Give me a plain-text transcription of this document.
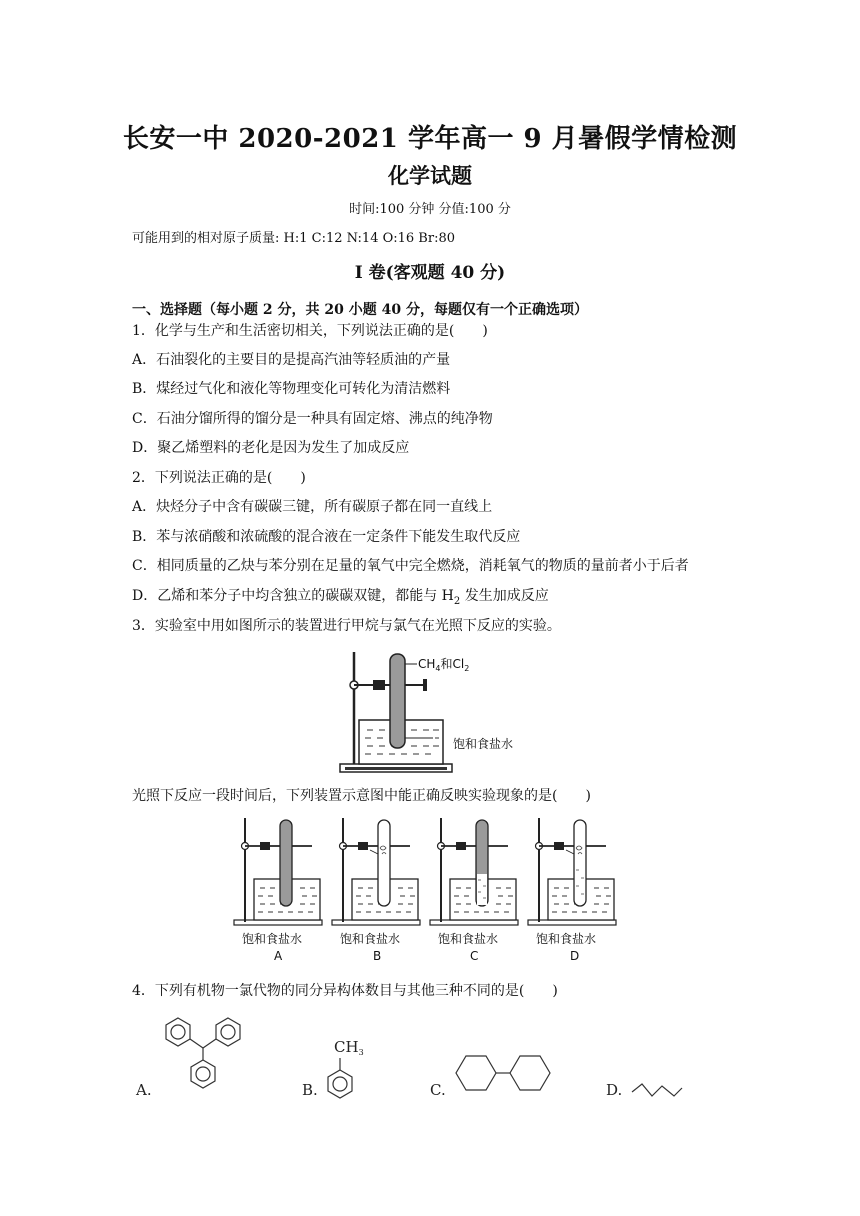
长安一中 2020-2021 学年高一 9 月暑假学情检测
化学试题
时间:100 分钟 分值:100 分
可能用到的相对原子质量: H:1 C:12 N:14 O:16 Br:80
I 卷(客观题 40 分)
一、选择题（每小题 2 分，共 20 小题 40 分，每题仅有一个正确选项）
1．化学与生产和生活密切相关，下列说法正确的是(　　)
A．石油裂化的主要目的是提高汽油等轻质油的产量
B．煤经过气化和液化等物理变化可转化为清洁燃料
C．石油分馏所得的馏分是一种具有固定熔、沸点的纯净物
D．聚乙烯塑料的老化是因为发生了加成反应
2．下列说法正确的是(　　)
A．炔烃分子中含有碳碳三键，所有碳原子都在同一直线上
B．苯与浓硝酸和浓硫酸的混合液在一定条件下能发生取代反应
C．相同质量的乙炔与苯分别在足量的氧气中完全燃烧，消耗氧气的物质的量前者小于后者
D．乙烯和苯分子中均含独立的碳碳双键，都能与 $H_2$ 发生加成反应
3．实验室中用如图所示的装置进行甲烷与氯气在光照下反应的实验。
$CH_4$和$Cl_2$
饱和食盐水
光照下反应一段时间后，下列装置示意图中能正确反映实验现象的是(　　)
饱和食盐水	饱和食盐水	饱和食盐水	饱和食盐水
A	B	C	D
4．下列有机物一氯代物的同分异构体数目与其他三种不同的是(　　)
A.	B.
$CH_3$
C.	D.
